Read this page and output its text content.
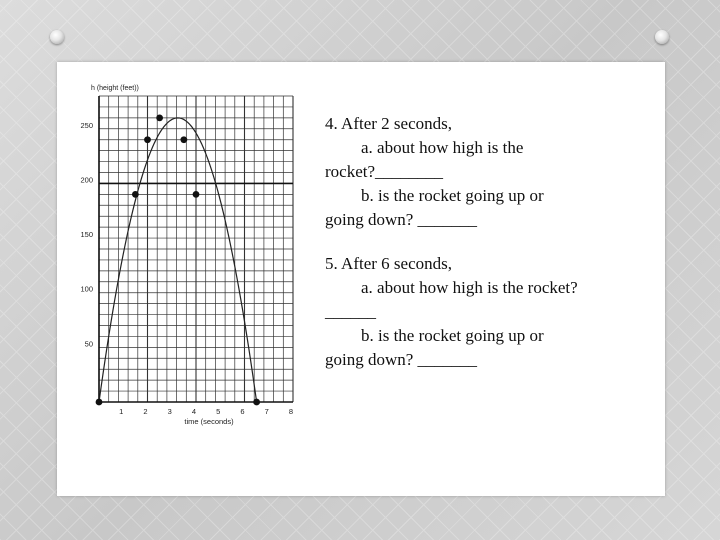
h (height (feet))
250
200
150
100
50
1	2	3	4	5	6	7	8
time (seconds)
4. After 2 seconds,
a. about how high is the
rocket?________
b. is the rocket going up or
going down? _______
5. After 6 seconds,
a. about how high is the rocket?
______
b. is the rocket going up or
going down? _______
